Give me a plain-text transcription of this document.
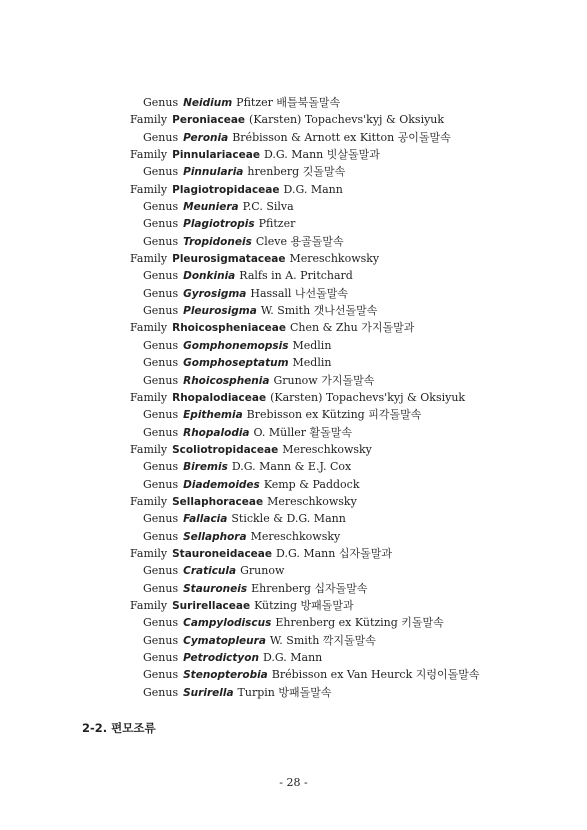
Genus Neidium Pfitzer 배틀북돌말속
Family Peroniaceae (Karsten) Topachevs'kyj & Oksiyuk
Genus Peronia Brébisson & Arnott ex Kitton 공이돌말속
Family Pinnulariaceae D.G. Mann 빗살돌말과
Genus Pinnularia hrenberg 깃돌말속
Family Plagiotropidaceae D.G. Mann
Genus Meuniera P.C. Silva
Genus Plagiotropis Pfitzer
Genus Tropidoneis Cleve 용골돌말속
Family Pleurosigmataceae Mereschkowsky
Genus Donkinia Ralfs in A. Pritchard
Genus Gyrosigma Hassall 나선돌말속
Genus Pleurosigma W. Smith 갯나선돌말속
Family Rhoicospheniaceae Chen & Zhu 가지돌말과
Genus Gomphonemopsis Medlin
Genus Gomphoseptatum Medlin
Genus Rhoicosphenia Grunow 가지돌말속
Family Rhopalodiaceae (Karsten) Topachevs'kyj & Oksiyuk
Genus Epithemia Brebisson ex Kützing 피각돌말속
Genus Rhopalodia O. Müller 활돌말속
Family Scoliotropidaceae Mereschkowsky
Genus Biremis D.G. Mann & E.J. Cox
Genus Diademoides Kemp & Paddock
Family Sellaphoraceae Mereschkowsky
Genus Fallacia Stickle & D.G. Mann
Genus Sellaphora Mereschkowsky
Family Stauroneidaceae D.G. Mann 십자돌말과
Genus Craticula Grunow
Genus Stauroneis Ehrenberg 십자돌말속
Family Surirellaceae Kützing 방패돌말과
Genus Campylodiscus Ehrenberg ex Kützing 키돌말속
Genus Cymatopleura W. Smith 깍지돌말속
Genus Petrodictyon D.G. Mann
Genus Stenopterobia Brébisson ex Van Heurck 지렁이돌말속
Genus Surirella Turpin 방패돌말속
2-2. 편모조류
- 28 -
